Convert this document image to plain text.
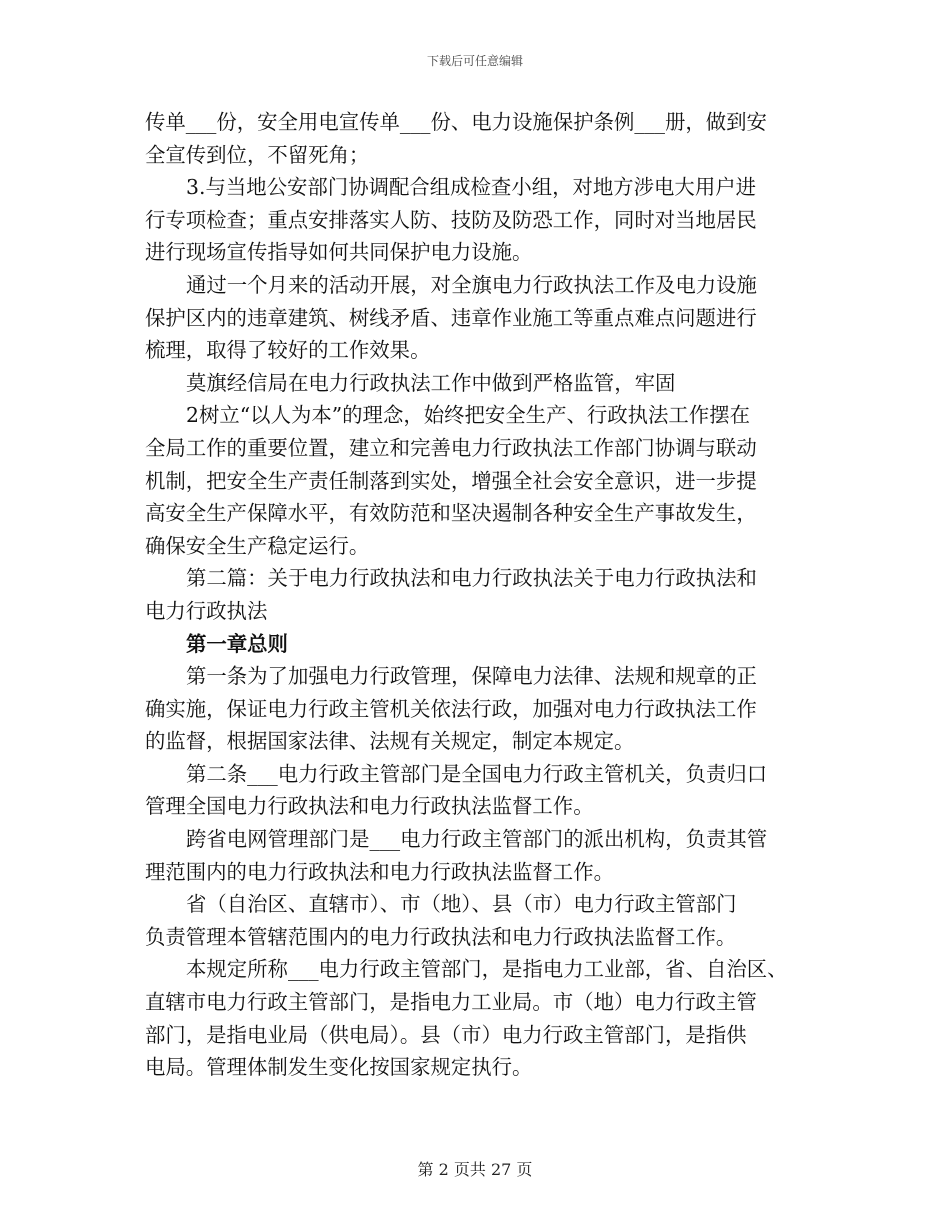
下载后可任意编辑
传单___份，安全用电宣传单___份、电力设施保护条例___册，做到安
全宣传到位，不留死角；
3.与当地公安部门协调配合组成检查小组，对地方涉电大用户进
行专项检查；重点安排落实人防、技防及防恐工作，同时对当地居民
进行现场宣传指导如何共同保护电力设施。
通过一个月来的活动开展，对全旗电力行政执法工作及电力设施
保护区内的违章建筑、树线矛盾、违章作业施工等重点难点问题进行
梳理，取得了较好的工作效果。
莫旗经信局在电力行政执法工作中做到严格监管，牢固
2树立“以人为本”的理念，始终把安全生产、行政执法工作摆在
全局工作的重要位置，建立和完善电力行政执法工作部门协调与联动
机制，把安全生产责任制落到实处，增强全社会安全意识，进一步提
高安全生产保障水平，有效防范和坚决遏制各种安全生产事故发生，
确保安全生产稳定运行。
第二篇：关于电力行政执法和电力行政执法关于电力行政执法和
电力行政执法
第一章总则
第一条为了加强电力行政管理，保障电力法律、法规和规章的正
确实施，保证电力行政主管机关依法行政，加强对电力行政执法工作
的监督，根据国家法律、法规有关规定，制定本规定。
第二条___电力行政主管部门是全国电力行政主管机关，负责归口
管理全国电力行政执法和电力行政执法监督工作。
跨省电网管理部门是___电力行政主管部门的派出机构，负责其管
理范围内的电力行政执法和电力行政执法监督工作。
省（自治区、直辖市）、市（地）、县（市）电力行政主管部门
负责管理本管辖范围内的电力行政执法和电力行政执法监督工作。
本规定所称___电力行政主管部门，是指电力工业部，省、自治区、
直辖市电力行政主管部门，是指电力工业局。市（地）电力行政主管
部门，是指电业局（供电局）。县（市）电力行政主管部门，是指供
电局。管理体制发生变化按国家规定执行。
第 2 页共 27 页
